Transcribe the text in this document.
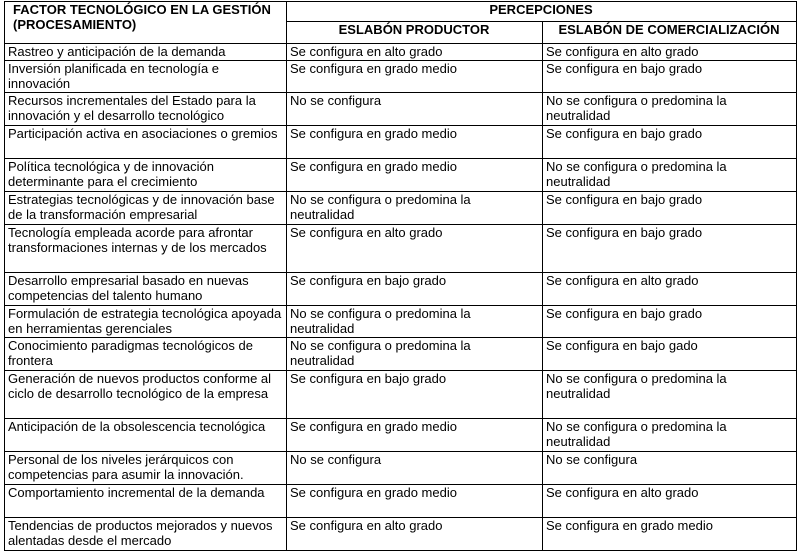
FACTOR TECNOLÓGICO EN LA GESTIÓN (PROCESAMIENTO)	PERCEPCIONES	
	ESLABÓN PRODUCTOR	ESLABÓN DE COMERCIALIZACIÓN
Rastreo y anticipación de la demanda	Se configura en alto grado	Se configura en alto grado
Inversión planificada en tecnología e innovación	Se configura en grado medio	Se configura en bajo grado
Recursos incrementales del Estado para la innovación y el desarrollo tecnológico	No se configura	No se configura o predomina la neutralidad
Participación activa en asociaciones o gremios	Se configura en grado medio	Se configura en bajo grado
Política tecnológica y de innovación determinante para el crecimiento	Se configura en grado medio	No se configura o predomina la neutralidad
Estrategias tecnológicas y de innovación base de la transformación empresarial	No se configura o predomina la neutralidad	Se configura en bajo grado
Tecnología empleada acorde para afrontar transformaciones internas y de los mercados	Se configura en alto grado	Se configura en bajo grado
Desarrollo empresarial basado en nuevas competencias del talento humano	Se configura en bajo grado	Se configura en alto grado
Formulación de estrategia tecnológica apoyada en herramientas gerenciales	No se configura o predomina la neutralidad	Se configura en bajo grado
Conocimiento paradigmas tecnológicos de frontera	No se configura o predomina la neutralidad	Se configura en bajo gado
Generación de nuevos productos conforme al ciclo de desarrollo tecnológico de la empresa	Se configura en bajo grado	No se configura o predomina la neutralidad
Anticipación de la obsolescencia tecnológica	Se configura en grado medio	No se configura o predomina la neutralidad
Personal de los niveles jerárquicos con competencias para asumir la innovación.	No se configura	No se configura
Comportamiento incremental de la demanda	Se configura en grado medio	Se configura en alto grado
Tendencias de productos mejorados y nuevos alentadas desde el mercado	Se configura en alto grado	Se configura en grado medio
